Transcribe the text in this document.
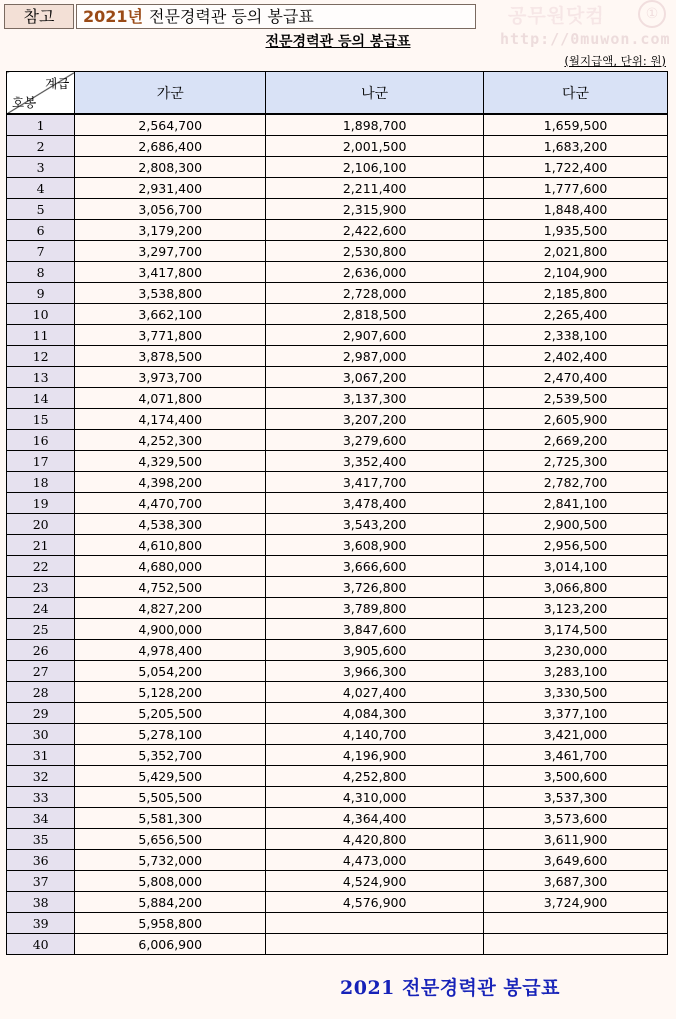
참고	2021년 전문경력관 등의 봉급표	공무원닷컴	①
http://0muwon.com
전문경력관 등의 봉급표
(월지급액, 단위: 원)
계급
호봉	가군	나군	다군
1	2,564,700	1,898,700	1,659,500
2	2,686,400	2,001,500	1,683,200
3	2,808,300	2,106,100	1,722,400
4	2,931,400	2,211,400	1,777,600
5	3,056,700	2,315,900	1,848,400
6	3,179,200	2,422,600	1,935,500
7	3,297,700	2,530,800	2,021,800
8	3,417,800	2,636,000	2,104,900
9	3,538,800	2,728,000	2,185,800
10	3,662,100	2,818,500	2,265,400
11	3,771,800	2,907,600	2,338,100
12	3,878,500	2,987,000	2,402,400
13	3,973,700	3,067,200	2,470,400
14	4,071,800	3,137,300	2,539,500
15	4,174,400	3,207,200	2,605,900
16	4,252,300	3,279,600	2,669,200
17	4,329,500	3,352,400	2,725,300
18	4,398,200	3,417,700	2,782,700
19	4,470,700	3,478,400	2,841,100
20	4,538,300	3,543,200	2,900,500
21	4,610,800	3,608,900	2,956,500
22	4,680,000	3,666,600	3,014,100
23	4,752,500	3,726,800	3,066,800
24	4,827,200	3,789,800	3,123,200
25	4,900,000	3,847,600	3,174,500
26	4,978,400	3,905,600	3,230,000
27	5,054,200	3,966,300	3,283,100
28	5,128,200	4,027,400	3,330,500
29	5,205,500	4,084,300	3,377,100
30	5,278,100	4,140,700	3,421,000
31	5,352,700	4,196,900	3,461,700
32	5,429,500	4,252,800	3,500,600
33	5,505,500	4,310,000	3,537,300
34	5,581,300	4,364,400	3,573,600
35	5,656,500	4,420,800	3,611,900
36	5,732,000	4,473,000	3,649,600
37	5,808,000	4,524,900	3,687,300
38	5,884,200	4,576,900	3,724,900
39	5,958,800		
40	6,006,900		
2021 전문경력관 봉급표
